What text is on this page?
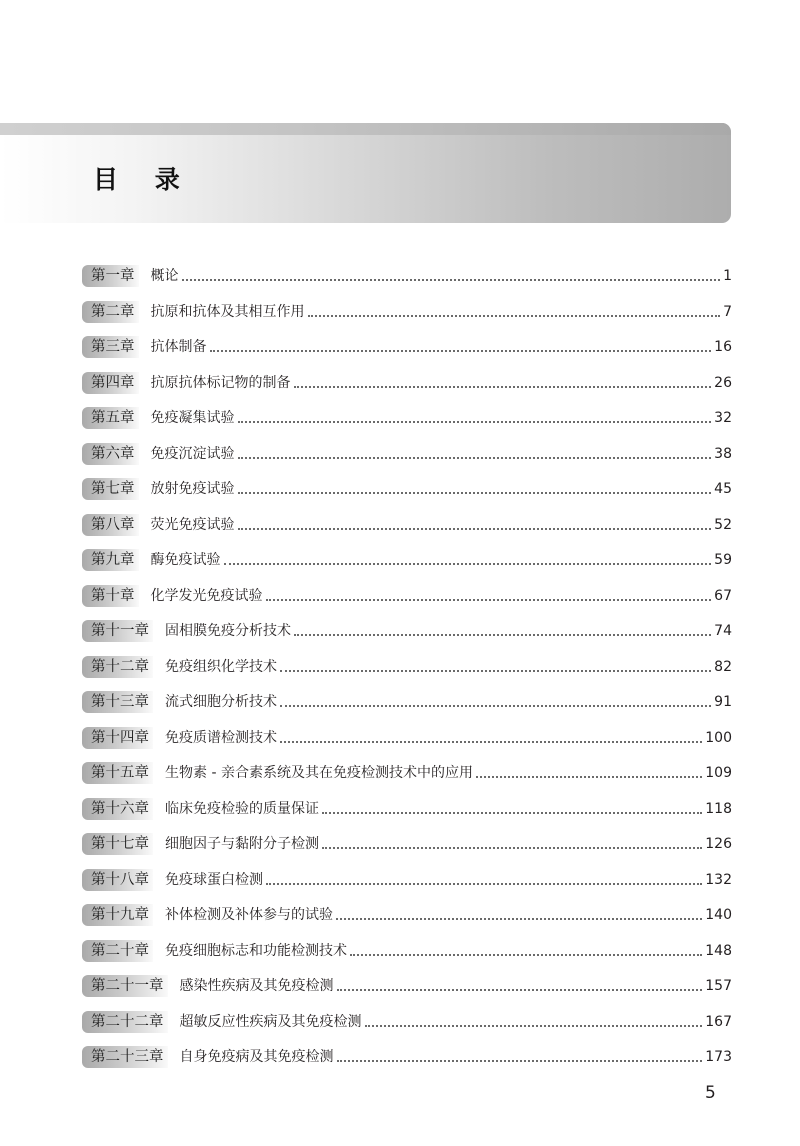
目 录
第一章 概论	1
第二章 抗原和抗体及其相互作用	7
第三章 抗体制备	16
第四章 抗原抗体标记物的制备	26
第五章 免疫凝集试验	32
第六章 免疫沉淀试验	38
第七章 放射免疫试验	45
第八章 荧光免疫试验	52
第九章 酶免疫试验	59
第十章 化学发光免疫试验	67
第十一章 固相膜免疫分析技术	74
第十二章 免疫组织化学技术	82
第十三章 流式细胞分析技术	91
第十四章 免疫质谱检测技术	100
第十五章 生物素 - 亲合素系统及其在免疫检测技术中的应用	109
第十六章 临床免疫检验的质量保证	118
第十七章 细胞因子与黏附分子检测	126
第十八章 免疫球蛋白检测	132
第十九章 补体检测及补体参与的试验	140
第二十章 免疫细胞标志和功能检测技术	148
第二十一章 感染性疾病及其免疫检测	157
第二十二章 超敏反应性疾病及其免疫检测	167
第二十三章 自身免疫病及其免疫检测	173
5
